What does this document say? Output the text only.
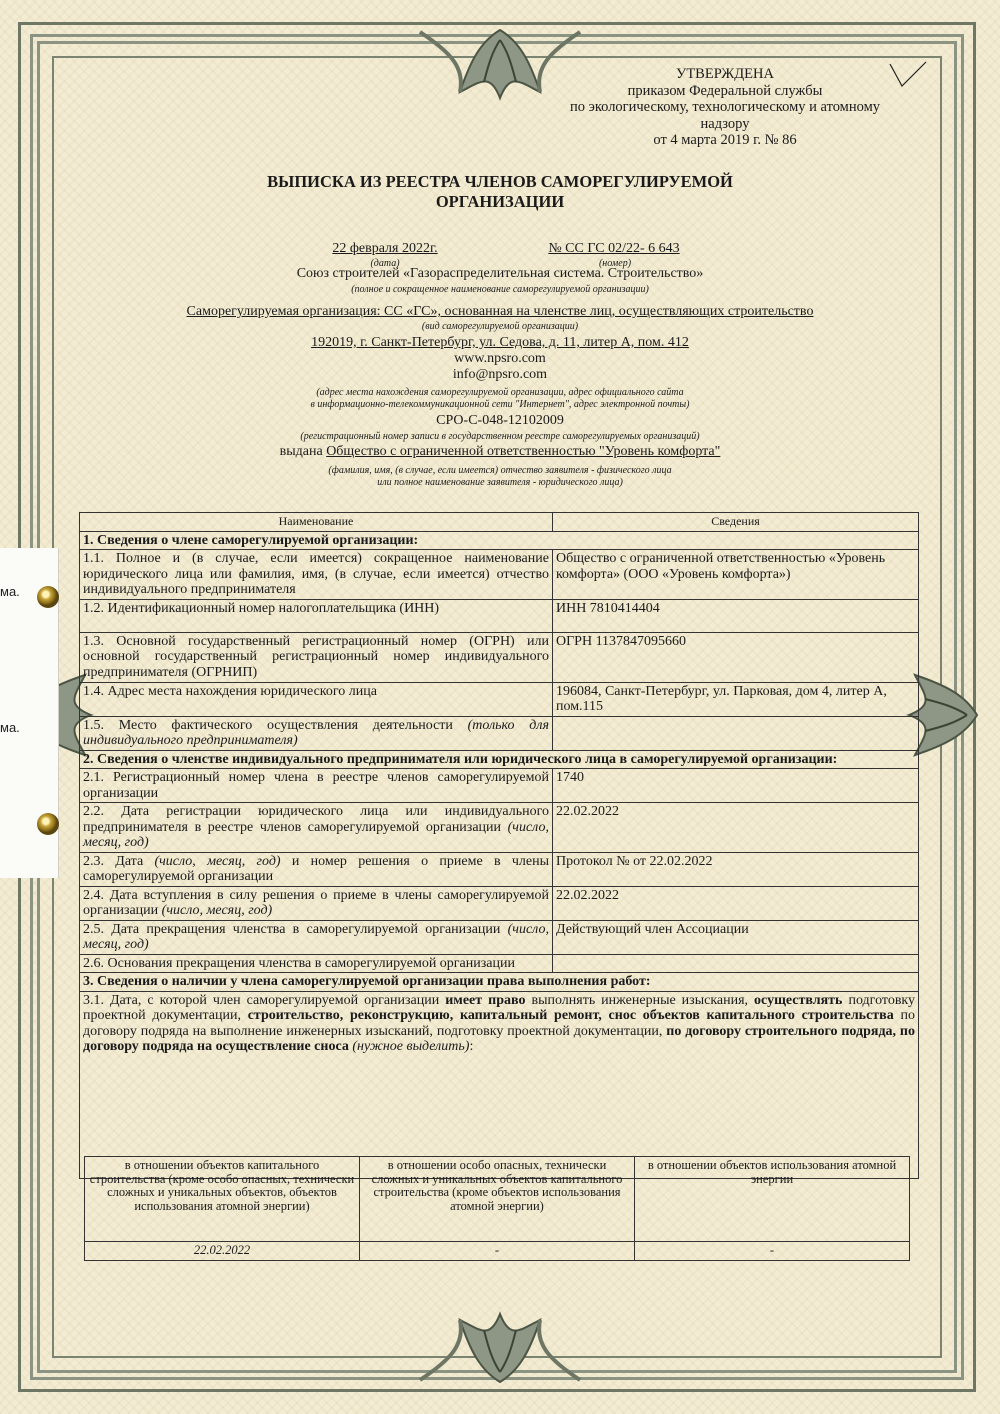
УТВЕРЖДЕНА
приказом Федеральной службы
по экологическому, технологическому и атомному
надзору
от 4 марта 2019 г. № 86
ВЫПИСКА ИЗ РЕЕСТРА ЧЛЕНОВ САМОРЕГУЛИРУЕМОЙ ОРГАНИЗАЦИИ
22 февраля 2022г.
(дата)
№ СС ГС 02/22- 6 643
(номер)
Союз строителей «Газораспределительная система. Строительство»
(полное и сокращенное наименование саморегулируемой организации)
Саморегулируемая организация: СС «ГС», основанная на членстве лиц, осуществляющих строительство
(вид саморегулируемой организации)
192019, г. Санкт-Петербург, ул. Седова, д. 11, литер А, пом. 412
www.npsro.com
info@npsro.com
(адрес места нахождения саморегулируемой организации, адрес официального сайта
в информационно-телекоммуникационной сети "Интернет", адрес электронной почты)
СРО-С-048-12102009
(регистрационный номер записи в государственном реестре саморегулируемых организаций)
выдана Общество с ограниченной ответственностью "Уровень комфорта"
(фамилия, имя, (в случае, если имеется) отчество заявителя - физического лица
или полное наименование заявителя - юридического лица)
Наименование	Сведения
1. Сведения о члене саморегулируемой организации:	
1.1. Полное и (в случае, если имеется) сокращенное наименование юридического лица или фамилия, имя, (в случае, если имеется) отчество индивидуального предпринимателя	Общество с ограниченной ответственностью «Уровень комфорта» (ООО «Уровень комфорта»)
1.2. Идентификационный номер налогоплательщика (ИНН)	ИНН 7810414404
1.3. Основной государственный регистрационный номер (ОГРН) или основной государственный регистрационный номер индивидуального предпринимателя (ОГРНИП)	ОГРН 1137847095660
1.4. Адрес места нахождения юридического лица	196084, Санкт-Петербург, ул. Парковая, дом 4, литер А, пом.115
1.5. Место фактического осуществления деятельности (только для индивидуального предпринимателя)	
2. Сведения о членстве индивидуального предпринимателя или юридического лица в саморегулируемой организации:	
2.1. Регистрационный номер члена в реестре членов саморегулируемой организации	1740
2.2. Дата регистрации юридического лица или индивидуального предпринимателя в реестре членов саморегулируемой организации (число, месяц, год)	22.02.2022
2.3. Дата (число, месяц, год) и номер решения о приеме в члены саморегулируемой организации	Протокол № от 22.02.2022
2.4. Дата вступления в силу решения о приеме в члены саморегулируемой организации (число, месяц, год)	22.02.2022
2.5. Дата прекращения членства в саморегулируемой организации (число, месяц, год)	Действующий член Ассоциации
2.6. Основания прекращения членства в саморегулируемой организации	
3. Сведения о наличии у члена саморегулируемой организации права выполнения работ:	
3.1. Дата, с которой член саморегулируемой организации имеет право выполнять инженерные изыскания, осуществлять подготовку проектной документации, строительство, реконструкцию, капитальный ремонт, снос объектов капитального строительства по договору подряда на выполнение инженерных изысканий, подготовку проектной документации, по договору строительного подряда, по договору подряда на осуществление сноса (нужное выделить):	
в отношении объектов капитального строительства (кроме особо опасных, технически сложных и уникальных объектов, объектов использования атомной энергии)	в отношении особо опасных, технически сложных и уникальных объектов капитального строительства (кроме объектов использования атомной энергии)	в отношении объектов использования атомной энергии
22.02.2022	-	-
ма.
ма.
